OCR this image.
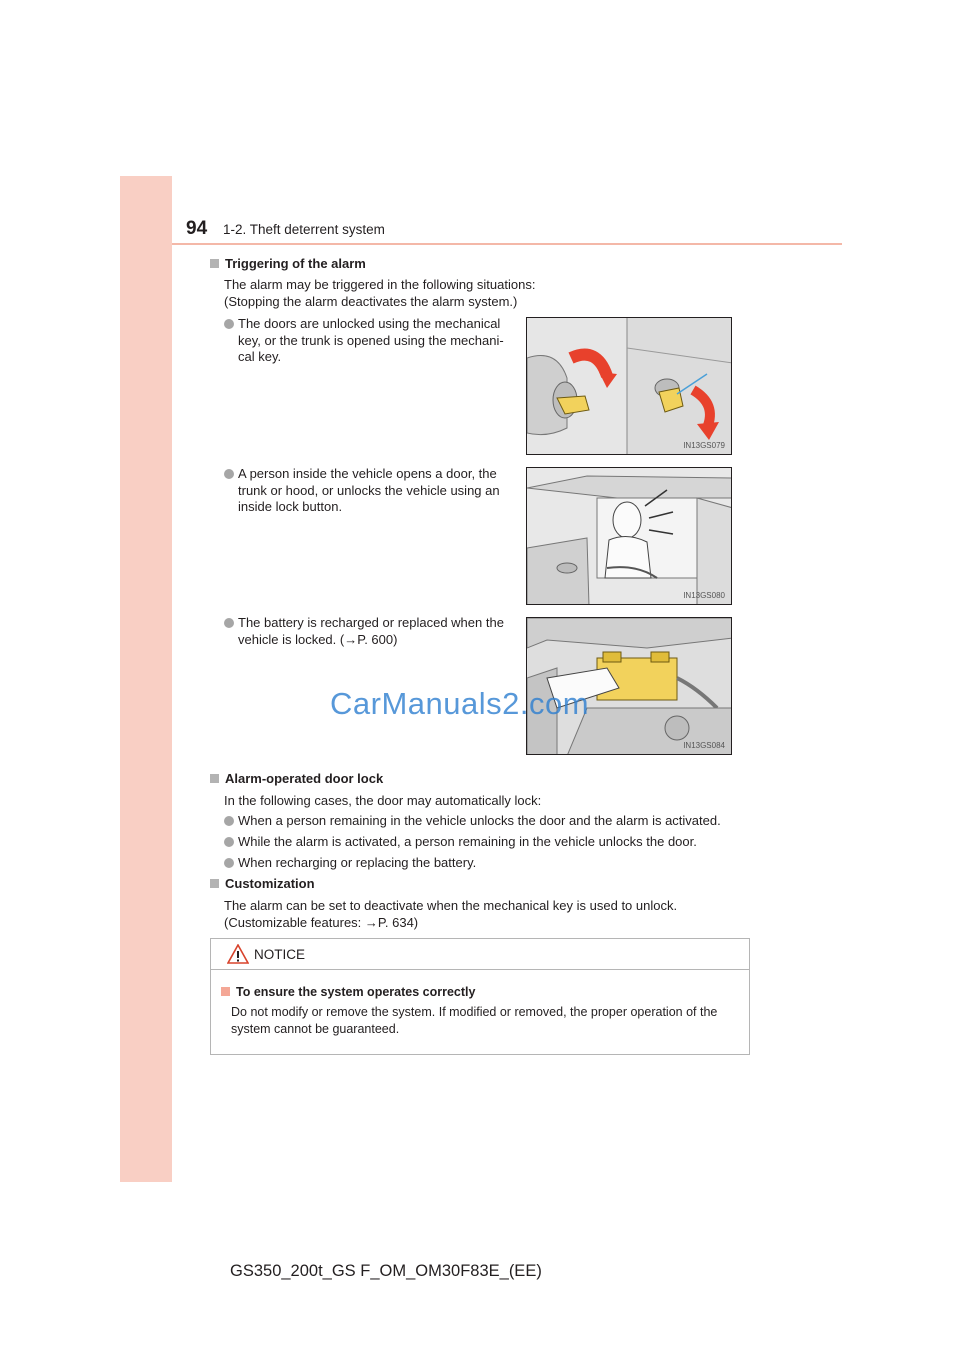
94 1-2. Theft deterrent system
Triggering of the alarm
The alarm may be triggered in the following situations:
(Stopping the alarm deactivates the alarm system.)
The doors are unlocked using the mechanical
key, or the trunk is opened using the mechani-
cal key.
IN13GS079
A person inside the vehicle opens a door, the
trunk or hood, or unlocks the vehicle using an
inside lock button.
IN13GS080
The battery is recharged or replaced when the
vehicle is locked. (→P. 600)
IN13GS084
CarManuals2.com
Alarm-operated door lock
In the following cases, the door may automatically lock:
When a person remaining in the vehicle unlocks the door and the alarm is activated.
While the alarm is activated, a person remaining in the vehicle unlocks the door.
When recharging or replacing the battery.
Customization
The alarm can be set to deactivate when the mechanical key is used to unlock.
(Customizable features: →P. 634)
NOTICE
To ensure the system operates correctly
Do not modify or remove the system. If modified or removed, the proper operation of the system cannot be guaranteed.
GS350_200t_GS F_OM_OM30F83E_(EE)
